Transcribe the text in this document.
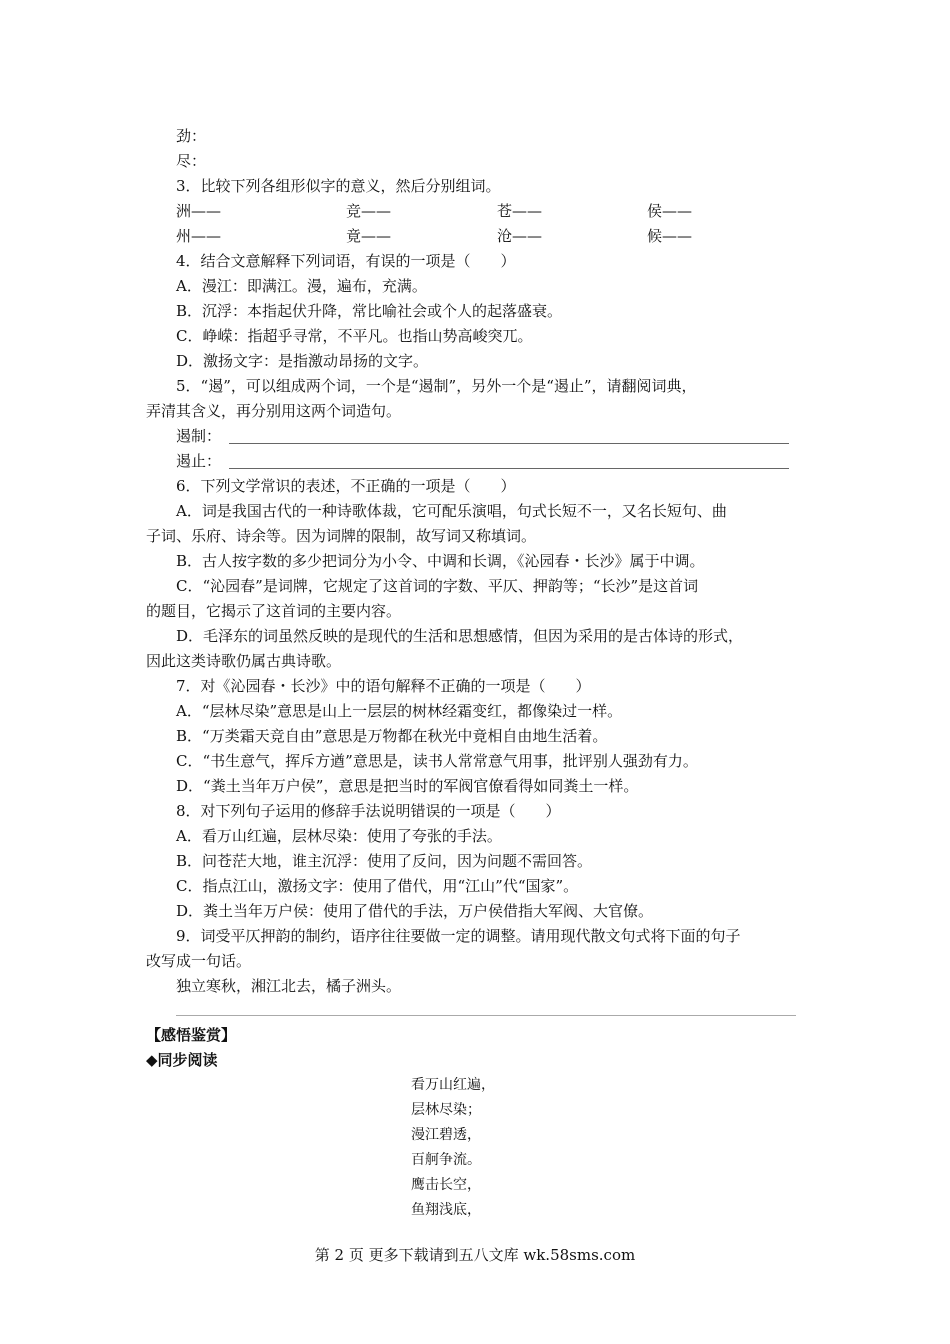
劲：
尽：
3．比较下列各组形似字的意义，然后分别组词。
洲——	竞——	苍——	侯——
州——	竟——	沧——	候——
4．结合文意解释下列词语，有误的一项是（　　）
A．漫江：即满江。漫，遍布，充满。
B．沉浮：本指起伏升降，常比喻社会或个人的起落盛衰。
C．峥嵘：指超乎寻常，不平凡。也指山势高峻突兀。
D．激扬文字：是指激动昂扬的文字。
5．“遏”，可以组成两个词，一个是“遏制”，另外一个是“遏止”，请翻阅词典，
弄清其含义，再分别用这两个词造句。
遏制：
遏止：
6．下列文学常识的表述，不正确的一项是（　　）
A．词是我国古代的一种诗歌体裁，它可配乐演唱，句式长短不一，又名长短句、曲
子词、乐府、诗余等。因为词牌的限制，故写词又称填词。
B．古人按字数的多少把词分为小令、中调和长调，《沁园春・长沙》属于中调。
C．“沁园春”是词牌，它规定了这首词的字数、平仄、押韵等；“长沙”是这首词
的题目，它揭示了这首词的主要内容。
D．毛泽东的词虽然反映的是现代的生活和思想感情，但因为采用的是古体诗的形式，
因此这类诗歌仍属古典诗歌。
7．对《沁园春・长沙》中的语句解释不正确的一项是（　　）
A．“层林尽染”意思是山上一层层的树林经霜变红，都像染过一样。
B．“万类霜天竞自由”意思是万物都在秋光中竟相自由地生活着。
C．“书生意气，挥斥方遒”意思是，读书人常常意气用事，批评别人强劲有力。
D．“粪土当年万户侯”，意思是把当时的军阀官僚看得如同粪土一样。
8．对下列句子运用的修辞手法说明错误的一项是（　　）
A．看万山红遍，层林尽染：使用了夸张的手法。
B．问苍茫大地，谁主沉浮：使用了反问，因为问题不需回答。
C．指点江山，激扬文字：使用了借代，用“江山”代“国家”。
D．粪土当年万户侯：使用了借代的手法，万户侯借指大军阀、大官僚。
9．词受平仄押韵的制约，语序往往要做一定的调整。请用现代散文句式将下面的句子
改写成一句话。
独立寒秋，湘江北去，橘子洲头。
【感悟鉴赏】
◆同步阅读
看万山红遍，
层林尽染；
漫江碧透，
百舸争流。
鹰击长空，
鱼翔浅底，
第 2 页 更多下载请到五八文库 wk.58sms.com
